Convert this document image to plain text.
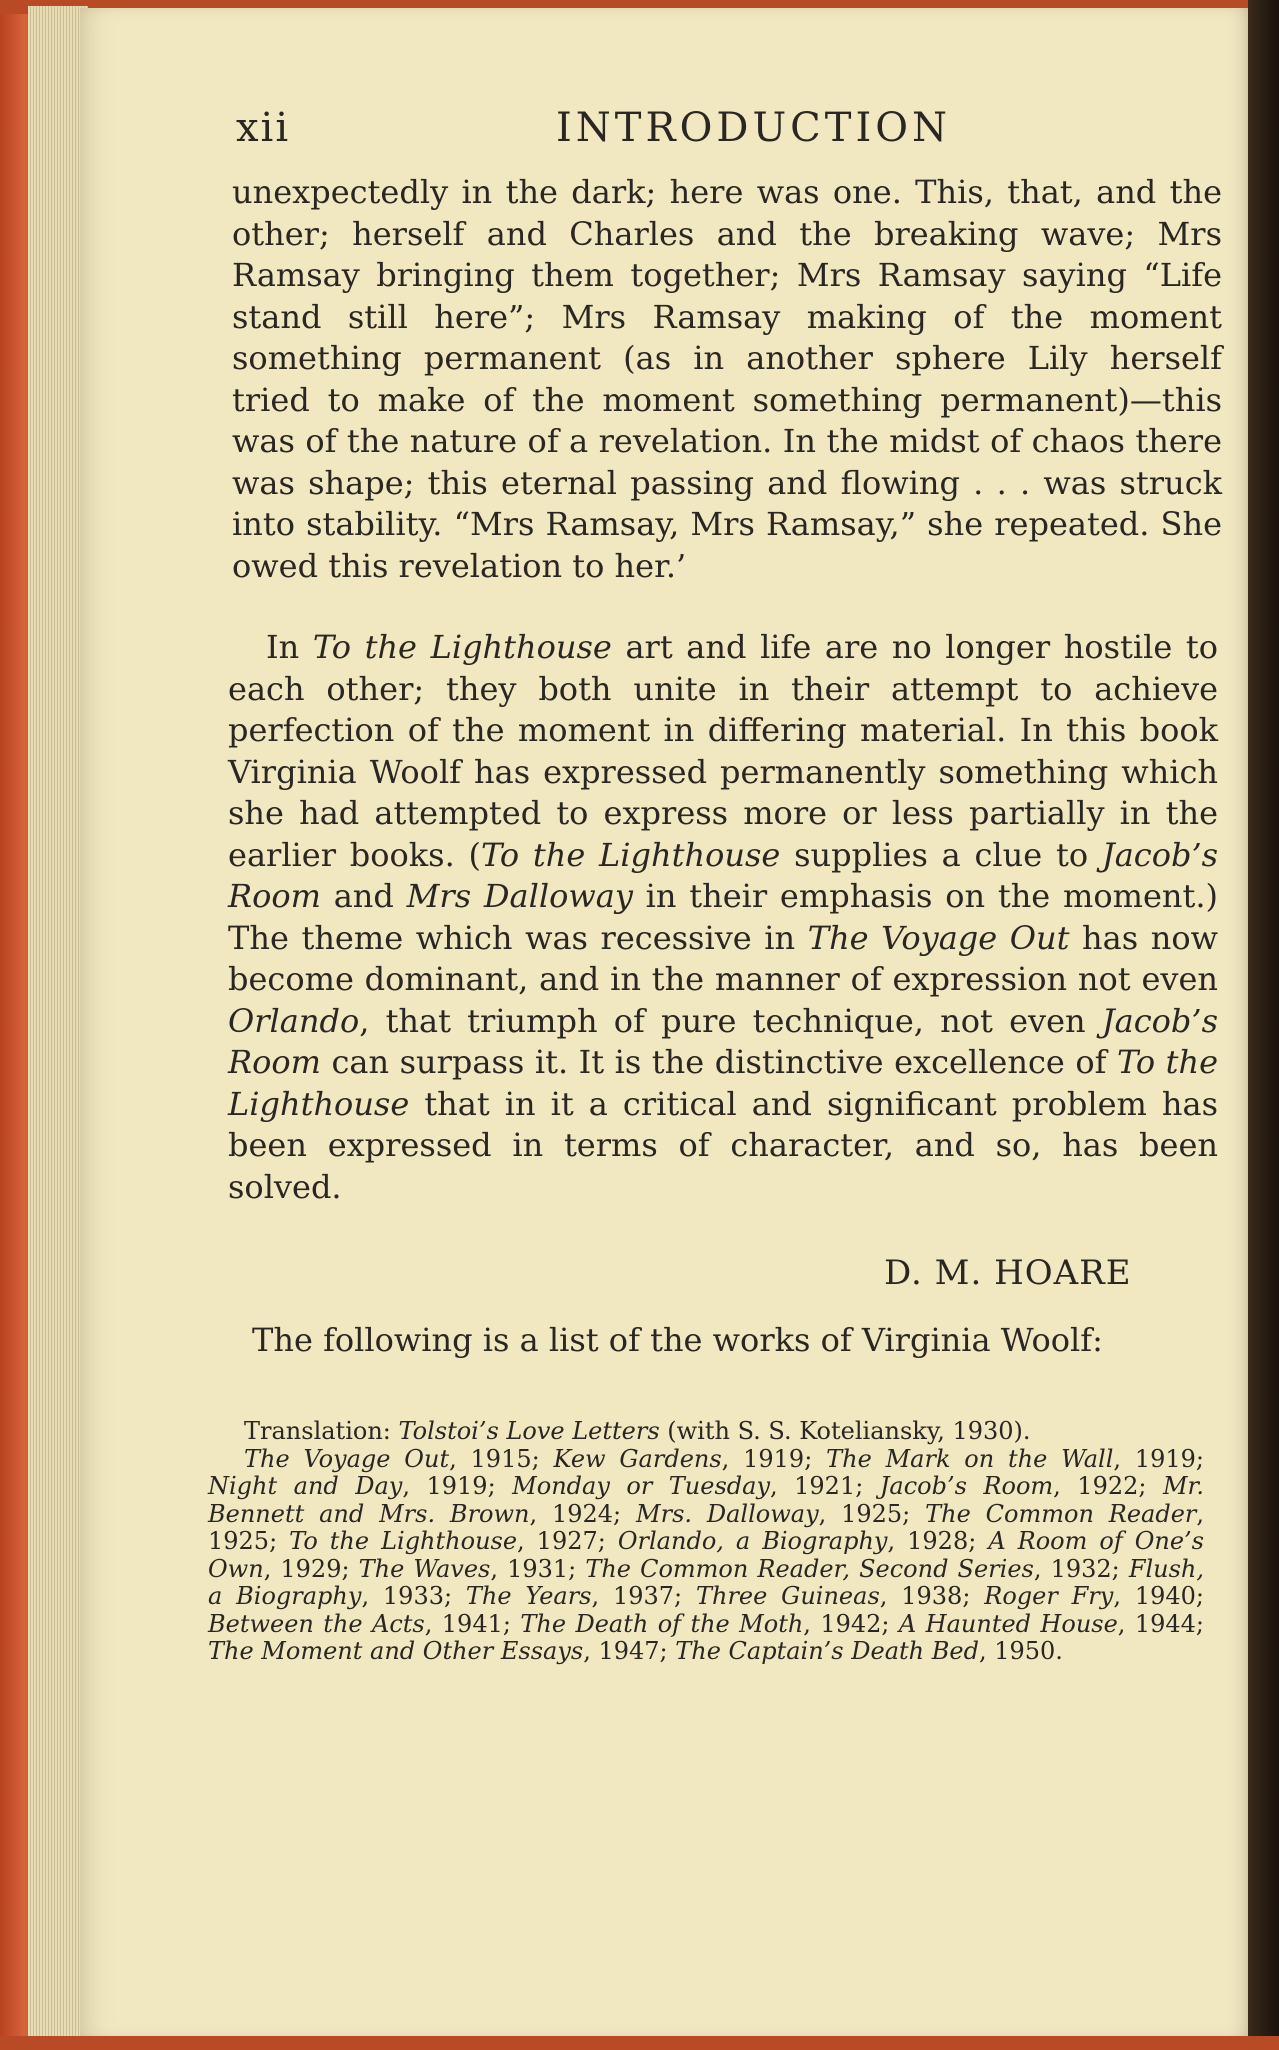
xii	INTRODUCTION

unexpectedly in the dark; here was one. This, that, and the other; herself and Charles and the breaking wave; Mrs Ramsay bringing them together; Mrs Ramsay saying “Life stand still here”; Mrs Ramsay making of the moment something permanent (as in another sphere Lily herself tried to make of the moment something permanent)—this was of the nature of a revelation. In the midst of chaos there was shape; this eternal passing and flowing . . . was struck into stability. “Mrs Ramsay, Mrs Ramsay,” she repeated. She owed this revelation to her.’

In To the Lighthouse art and life are no longer hostile to each other; they both unite in their attempt to achieve perfection of the moment in differing material. In this book Virginia Woolf has expressed permanently something which she had attempted to express more or less partially in the earlier books. (To the Lighthouse supplies a clue to Jacob’s Room and Mrs Dalloway in their emphasis on the moment.) The theme which was recessive in The Voyage Out has now become dominant, and in the manner of expression not even Orlando, that triumph of pure technique, not even Jacob’s Room can surpass it. It is the distinctive excellence of To the Lighthouse that in it a critical and significant problem has been expressed in terms of character, and so, has been solved.

D. M. HOARE
The following is a list of the works of Virginia Woolf:

Translation: Tolstoi’s Love Letters (with S. S. Koteliansky, 1930).

The Voyage Out, 1915; Kew Gardens, 1919; The Mark on the Wall, 1919; Night and Day, 1919; Monday or Tuesday, 1921; Jacob’s Room, 1922; Mr. Bennett and Mrs. Brown, 1924; Mrs. Dalloway, 1925; The Common Reader, 1925; To the Lighthouse, 1927; Orlando, a Biography, 1928; A Room of One’s Own, 1929; The Waves, 1931; The Common Reader, Second Series, 1932; Flush, a Biography, 1933; The Years, 1937; Three Guineas, 1938; Roger Fry, 1940; Between the Acts, 1941; The Death of the Moth, 1942; A Haunted House, 1944; The Moment and Other Essays, 1947; The Captain’s Death Bed, 1950.
